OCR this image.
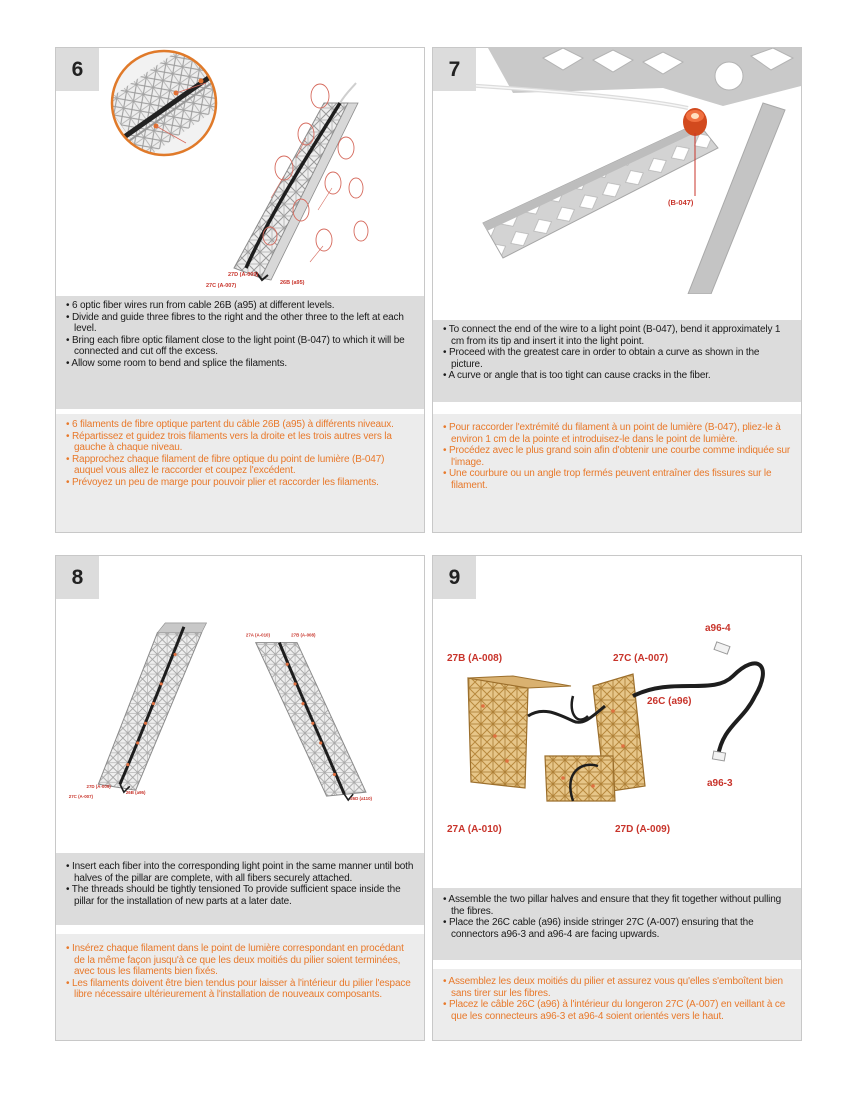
27D (A-009)
26B (a95)
27C (A-007)
6

• 6 optic fiber wires run from cable 26B (a95) at different levels.

• Divide and guide three fibres to the right and the other three to the left at each level.

• Bring each fibre optic filament close to the light point (B-047) to which it will be connected and cut off the excess.

• Allow some room to bend and splice the filaments.

• 6 filaments de fibre optique partent du câble 26B (a95) à différents niveaux.

• Répartissez et guidez trois filaments vers la droite et les trois autres vers la gauche à chaque niveau.

• Rapprochez chaque filament de fibre optique du point de lumière (B-047) auquel vous allez le raccorder et coupez l'excédent.

• Prévoyez un peu de marge pour pouvoir plier et raccorder les filaments.

(B-047)
7

• To connect the end of the wire to a light point (B-047), bend it approximately 1 cm from its tip and insert it into the light point.

• Proceed with the greatest care in order to obtain a curve as shown in the picture.

• A curve or angle that is too tight can cause cracks in the fiber.

• Pour raccorder l'extrémité du filament à un point de lumière (B-047), pliez-le à environ 1 cm de la pointe et introduisez-le dans le point de lumière.

• Procédez avec le plus grand soin afin d'obtenir une courbe comme indiquée sur l'image.

• Une courbure ou un angle trop fermés peuvent entraîner des fissures sur le filament.

27A (A-010)	27B (A-008)
27D (A-009)
27C (A-007)
26B (a95)
26D (a110)
8

• Insert each fiber into the corresponding light point in the same manner until both halves of the pillar are complete, with all fibers securely attached.

• The threads should be tightly tensioned To provide sufficient space inside the pillar for the installation of new parts at a later date.

• Insérez chaque filament dans le point de lumière correspondant en procédant de la même façon jusqu'à ce que les deux moitiés du pilier soient terminées, avec tous les filaments bien fixés.

• Les filaments doivent être bien tendus pour laisser à l'intérieur du pilier l'espace libre nécessaire ultérieurement à l'installation de nouveaux composants.

a96-4
27B (A-008)	27C (A-007)
26C (a96)
a96-3
27A (A-010)	27D (A-009)
9

• Assemble the two pillar halves and ensure that they fit together without pulling the fibres.

• Place the 26C cable (a96) inside stringer 27C (A-007) ensuring that the connectors a96-3 and a96-4 are facing upwards.

• Assemblez les deux moitiés du pilier et assurez vous qu'elles s'emboîtent bien sans tirer sur les fibres.

• Placez le câble 26C (a96) à l'intérieur du longeron 27C (A-007) en veillant à ce que les connecteurs a96-3 et a96-4 soient orientés vers le haut.
